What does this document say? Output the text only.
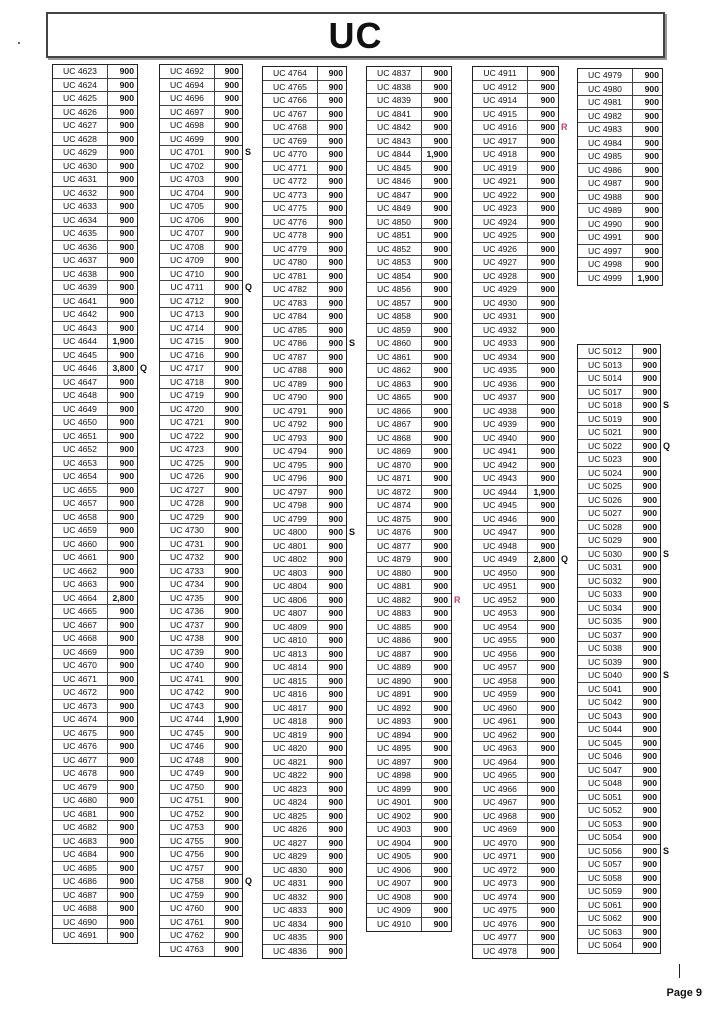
UC
UC 4623	900
UC 4624	900
UC 4625	900
UC 4626	900
UC 4627	900
UC 4628	900
UC 4629	900
UC 4630	900
UC 4631	900
UC 4632	900
UC 4633	900
UC 4634	900
UC 4635	900
UC 4636	900
UC 4637	900
UC 4638	900
UC 4639	900
UC 4641	900
UC 4642	900
UC 4643	900
UC 4644	1,900
UC 4645	900
UC 4646	3,800
UC 4647	900
UC 4648	900
UC 4649	900
UC 4650	900
UC 4651	900
UC 4652	900
UC 4653	900
UC 4654	900
UC 4655	900
UC 4657	900
UC 4658	900
UC 4659	900
UC 4660	900
UC 4661	900
UC 4662	900
UC 4663	900
UC 4664	2,800
UC 4665	900
UC 4667	900
UC 4668	900
UC 4669	900
UC 4670	900
UC 4671	900
UC 4672	900
UC 4673	900
UC 4674	900
UC 4675	900
UC 4676	900
UC 4677	900
UC 4678	900
UC 4679	900
UC 4680	900
UC 4681	900
UC 4682	900
UC 4683	900
UC 4684	900
UC 4685	900
UC 4686	900
UC 4687	900
UC 4688	900
UC 4690	900
UC 4691	900
Q
UC 4692	900
UC 4694	900
UC 4696	900
UC 4697	900
UC 4698	900
UC 4699	900
UC 4701	900
UC 4702	900
UC 4703	900
UC 4704	900
UC 4705	900
UC 4706	900
UC 4707	900
UC 4708	900
UC 4709	900
UC 4710	900
UC 4711	900
UC 4712	900
UC 4713	900
UC 4714	900
UC 4715	900
UC 4716	900
UC 4717	900
UC 4718	900
UC 4719	900
UC 4720	900
UC 4721	900
UC 4722	900
UC 4723	900
UC 4725	900
UC 4726	900
UC 4727	900
UC 4728	900
UC 4729	900
UC 4730	900
UC 4731	900
UC 4732	900
UC 4733	900
UC 4734	900
UC 4735	900
UC 4736	900
UC 4737	900
UC 4738	900
UC 4739	900
UC 4740	900
UC 4741	900
UC 4742	900
UC 4743	900
UC 4744	1,900
UC 4745	900
UC 4746	900
UC 4748	900
UC 4749	900
UC 4750	900
UC 4751	900
UC 4752	900
UC 4753	900
UC 4755	900
UC 4756	900
UC 4757	900
UC 4758	900
UC 4759	900
UC 4760	900
UC 4761	900
UC 4762	900
UC 4763	900
S
Q
Q
UC 4764	900
UC 4765	900
UC 4766	900
UC 4767	900
UC 4768	900
UC 4769	900
UC 4770	900
UC 4771	900
UC 4772	900
UC 4773	900
UC 4775	900
UC 4776	900
UC 4778	900
UC 4779	900
UC 4780	900
UC 4781	900
UC 4782	900
UC 4783	900
UC 4784	900
UC 4785	900
UC 4786	900
UC 4787	900
UC 4788	900
UC 4789	900
UC 4790	900
UC 4791	900
UC 4792	900
UC 4793	900
UC 4794	900
UC 4795	900
UC 4796	900
UC 4797	900
UC 4798	900
UC 4799	900
UC 4800	900
UC 4801	900
UC 4802	900
UC 4803	900
UC 4804	900
UC 4806	900
UC 4807	900
UC 4809	900
UC 4810	900
UC 4813	900
UC 4814	900
UC 4815	900
UC 4816	900
UC 4817	900
UC 4818	900
UC 4819	900
UC 4820	900
UC 4821	900
UC 4822	900
UC 4823	900
UC 4824	900
UC 4825	900
UC 4826	900
UC 4827	900
UC 4829	900
UC 4830	900
UC 4831	900
UC 4832	900
UC 4833	900
UC 4834	900
UC 4835	900
UC 4836	900
S
S
UC 4837	900
UC 4838	900
UC 4839	900
UC 4841	900
UC 4842	900
UC 4843	900
UC 4844	1,900
UC 4845	900
UC 4846	900
UC 4847	900
UC 4849	900
UC 4850	900
UC 4851	900
UC 4852	900
UC 4853	900
UC 4854	900
UC 4856	900
UC 4857	900
UC 4858	900
UC 4859	900
UC 4860	900
UC 4861	900
UC 4862	900
UC 4863	900
UC 4865	900
UC 4866	900
UC 4867	900
UC 4868	900
UC 4869	900
UC 4870	900
UC 4871	900
UC 4872	900
UC 4874	900
UC 4875	900
UC 4876	900
UC 4877	900
UC 4879	900
UC 4880	900
UC 4881	900
UC 4882	900
UC 4883	900
UC 4885	900
UC 4886	900
UC 4887	900
UC 4889	900
UC 4890	900
UC 4891	900
UC 4892	900
UC 4893	900
UC 4894	900
UC 4895	900
UC 4897	900
UC 4898	900
UC 4899	900
UC 4901	900
UC 4902	900
UC 4903	900
UC 4904	900
UC 4905	900
UC 4906	900
UC 4907	900
UC 4908	900
UC 4909	900
UC 4910	900
R
UC 4911	900
UC 4912	900
UC 4914	900
UC 4915	900
UC 4916	900
UC 4917	900
UC 4918	900
UC 4919	900
UC 4921	900
UC 4922	900
UC 4923	900
UC 4924	900
UC 4925	900
UC 4926	900
UC 4927	900
UC 4928	900
UC 4929	900
UC 4930	900
UC 4931	900
UC 4932	900
UC 4933	900
UC 4934	900
UC 4935	900
UC 4936	900
UC 4937	900
UC 4938	900
UC 4939	900
UC 4940	900
UC 4941	900
UC 4942	900
UC 4943	900
UC 4944	1,900
UC 4945	900
UC 4946	900
UC 4947	900
UC 4948	900
UC 4949	2,800
UC 4950	900
UC 4951	900
UC 4952	900
UC 4953	900
UC 4954	900
UC 4955	900
UC 4956	900
UC 4957	900
UC 4958	900
UC 4959	900
UC 4960	900
UC 4961	900
UC 4962	900
UC 4963	900
UC 4964	900
UC 4965	900
UC 4966	900
UC 4967	900
UC 4968	900
UC 4969	900
UC 4970	900
UC 4971	900
UC 4972	900
UC 4973	900
UC 4974	900
UC 4975	900
UC 4976	900
UC 4977	900
UC 4978	900
R
Q
UC 4979	900
UC 4980	900
UC 4981	900
UC 4982	900
UC 4983	900
UC 4984	900
UC 4985	900
UC 4986	900
UC 4987	900
UC 4988	900
UC 4989	900
UC 4990	900
UC 4991	900
UC 4997	900
UC 4998	900
UC 4999	1,900
UC 5012	900
UC 5013	900
UC 5014	900
UC 5017	900
UC 5018	900
UC 5019	900
UC 5021	900
UC 5022	900
UC 5023	900
UC 5024	900
UC 5025	900
UC 5026	900
UC 5027	900
UC 5028	900
UC 5029	900
UC 5030	900
UC 5031	900
UC 5032	900
UC 5033	900
UC 5034	900
UC 5035	900
UC 5037	900
UC 5038	900
UC 5039	900
UC 5040	900
UC 5041	900
UC 5042	900
UC 5043	900
UC 5044	900
UC 5045	900
UC 5046	900
UC 5047	900
UC 5048	900
UC 5051	900
UC 5052	900
UC 5053	900
UC 5054	900
UC 5056	900
UC 5057	900
UC 5058	900
UC 5059	900
UC 5061	900
UC 5062	900
UC 5063	900
UC 5064	900
S
Q
S
S
S
Page 9
